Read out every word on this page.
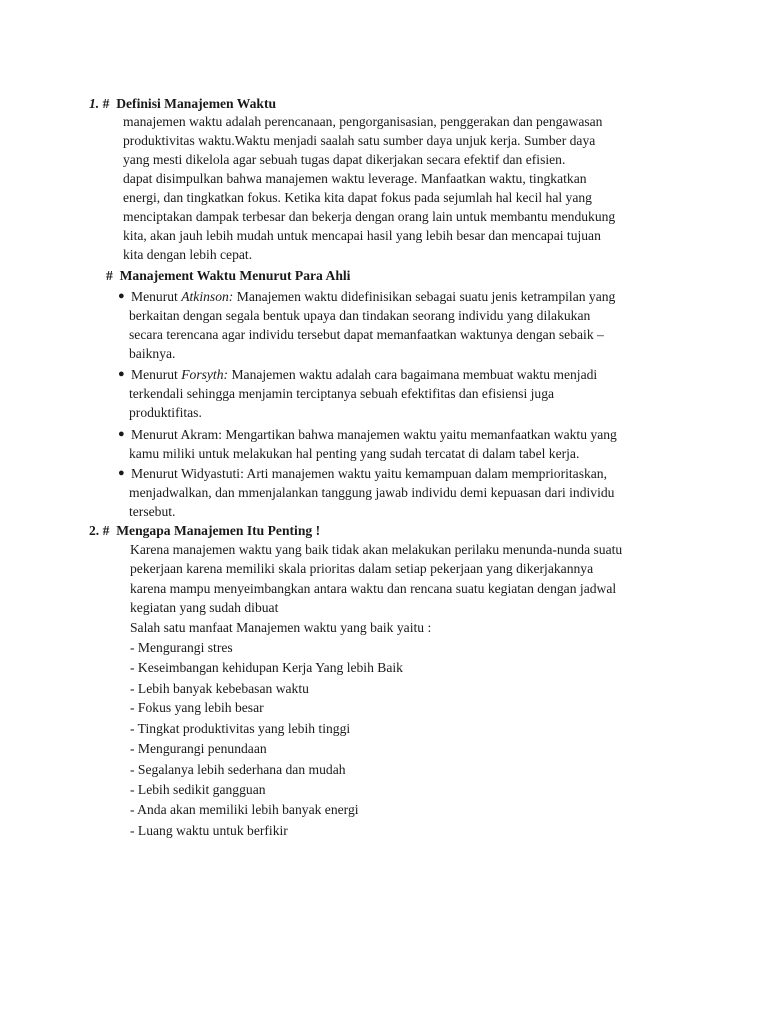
1. # Definisi Manajemen Waktu
manajemen waktu adalah perencanaan, pengorganisasian, penggerakan dan pengawasan
produktivitas waktu.Waktu menjadi saalah satu sumber daya unjuk kerja. Sumber daya
yang mesti dikelola agar sebuah tugas dapat dikerjakan secara efektif dan efisien.
dapat disimpulkan bahwa manajemen waktu leverage. Manfaatkan waktu, tingkatkan
energi, dan tingkatkan fokus. Ketika kita dapat fokus pada sejumlah hal kecil hal yang
menciptakan dampak terbesar dan bekerja dengan orang lain untuk membantu mendukung
kita, akan jauh lebih mudah untuk mencapai hasil yang lebih besar dan mencapai tujuan
kita dengan lebih cepat.
# Manajement Waktu Menurut Para Ahli
● Menurut Atkinson: Manajemen waktu didefinisikan sebagai suatu jenis ketrampilan yang
berkaitan dengan segala bentuk upaya dan tindakan seorang individu yang dilakukan
secara terencana agar individu tersebut dapat memanfaatkan waktunya dengan sebaik –
baiknya.
● Menurut Forsyth: Manajemen waktu adalah cara bagaimana membuat waktu menjadi
terkendali sehingga menjamin terciptanya sebuah efektifitas dan efisiensi juga
produktifitas.
● Menurut Akram: Mengartikan bahwa manajemen waktu yaitu memanfaatkan waktu yang
kamu miliki untuk melakukan hal penting yang sudah tercatat di dalam tabel kerja.
● Menurut Widyastuti: Arti manajemen waktu yaitu kemampuan dalam memprioritaskan,
menjadwalkan, dan mmenjalankan tanggung jawab individu demi kepuasan dari individu
tersebut.
2. # Mengapa Manajemen Itu Penting !
Karena manajemen waktu yang baik tidak akan melakukan perilaku menunda-nunda suatu
pekerjaan karena memiliki skala prioritas dalam setiap pekerjaan yang dikerjakannya
karena mampu menyeimbangkan antara waktu dan rencana suatu kegiatan dengan jadwal
kegiatan yang sudah dibuat
Salah satu manfaat Manajemen waktu yang baik yaitu :
- Mengurangi stres
- Keseimbangan kehidupan Kerja Yang lebih Baik
- Lebih banyak kebebasan waktu
- Fokus yang lebih besar
- Tingkat produktivitas yang lebih tinggi
- Mengurangi penundaan
- Segalanya lebih sederhana dan mudah
- Lebih sedikit gangguan
- Anda akan memiliki lebih banyak energi
- Luang waktu untuk berfikir
